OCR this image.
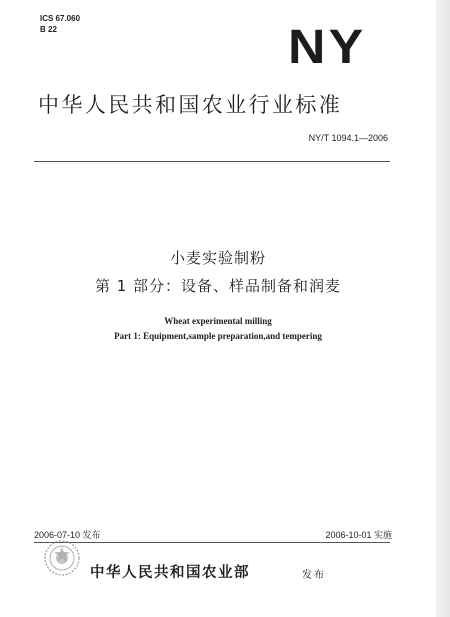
ICS 67.060
B 22	NY
中华人民共和国农业行业标准
NY/T 1094.1—2006
小麦实验制粉
第 1 部分：设备、样品制备和润麦
Wheat experimental milling
Part 1: Equipment,sample preparation,and tempering
2006-07-10 发布	2006-10-01 实施
中华人民共和国农业部	发布
